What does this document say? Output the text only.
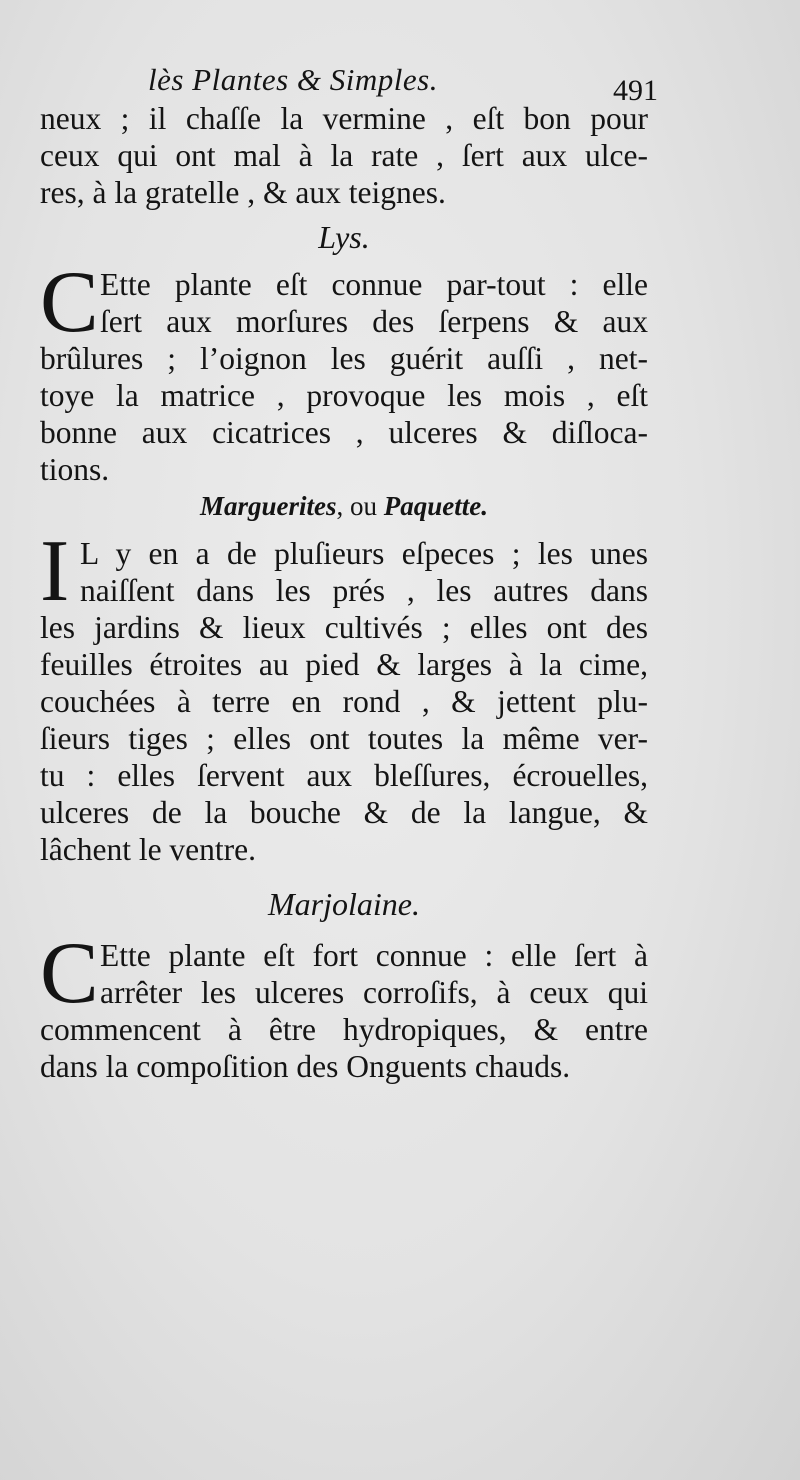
lès Plantes & Simples.	491
neux ; il chaſſe la vermine , eſt bon pour
ceux qui ont mal à la rate , ſert aux ulce-
res, à la gratelle , & aux teignes.
Lys.
C Ette plante eſt connue par-tout : elle
ſert aux morſures des ſerpens & aux
brûlures ; l’oignon les guérit auſſi , net-
toye la matrice , provoque les mois , eſt
bonne aux cicatrices , ulceres & diſloca-
tions.
Marguerites, ou Paquette.
I L y en a de pluſieurs eſpeces ; les unes
naiſſent dans les prés , les autres dans
les jardins & lieux cultivés ; elles ont des
feuilles étroites au pied & larges à la cime,
couchées à terre en rond , & jettent plu-
ſieurs tiges ; elles ont toutes la même ver-
tu : elles ſervent aux bleſſures, écrouelles,
ulceres de la bouche & de la langue, &
lâchent le ventre.
Marjolaine.
C Ette plante eſt fort connue : elle ſert à
arrêter les ulceres corroſifs, à ceux qui
commencent à être hydropiques, & entre
dans la compoſition des Onguents chauds.
